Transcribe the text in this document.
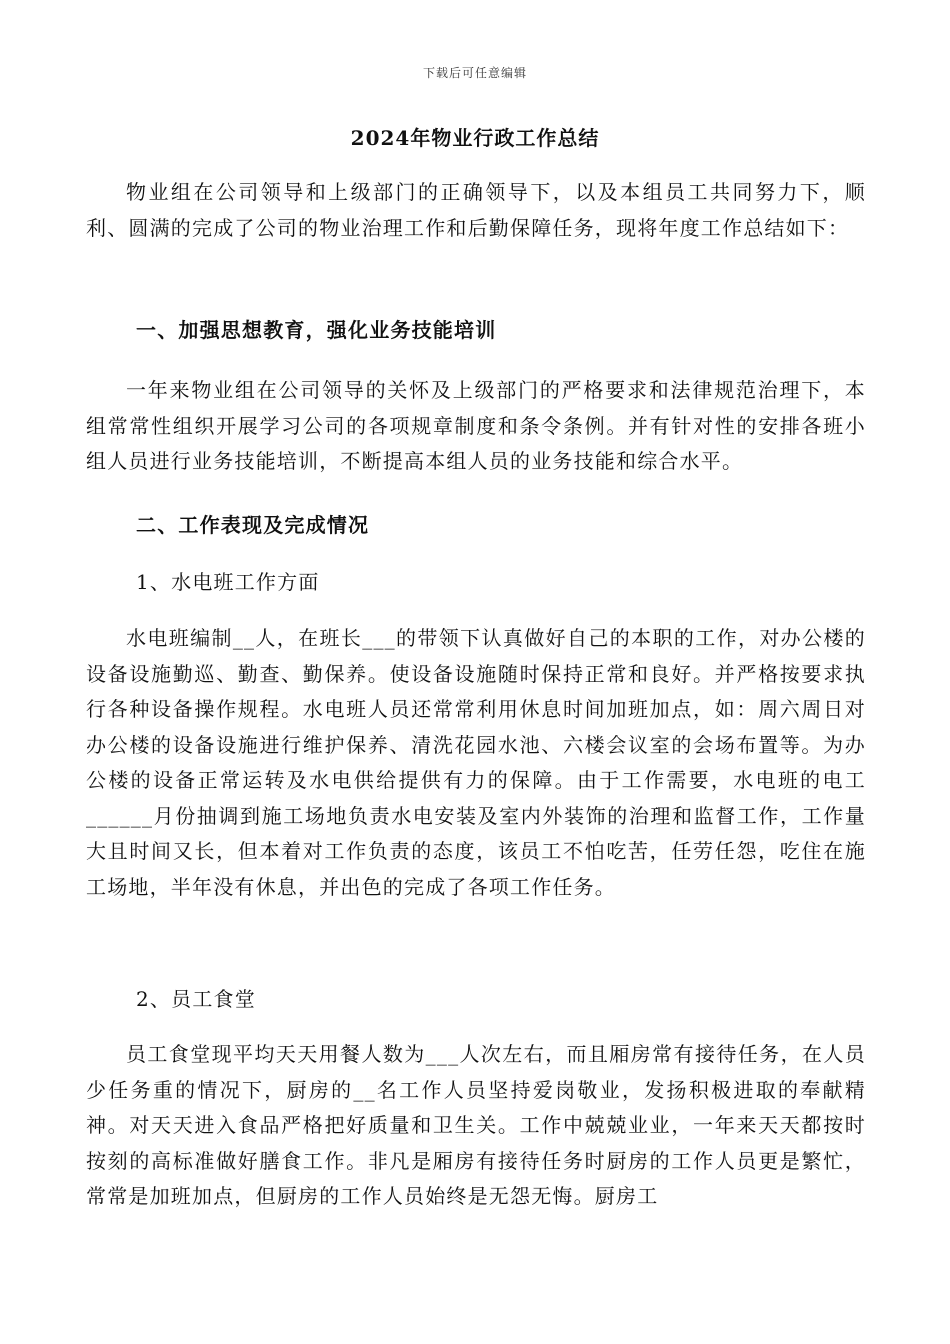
下载后可任意编辑
2024年物业行政工作总结

物业组在公司领导和上级部门的正确领导下，以及本组员工共同努力下，顺利、圆满的完成了公司的物业治理工作和后勤保障任务，现将年度工作总结如下：

一、加强思想教育，强化业务技能培训

一年来物业组在公司领导的关怀及上级部门的严格要求和法律规范治理下，本组常常性组织开展学习公司的各项规章制度和条令条例。并有针对性的安排各班小组人员进行业务技能培训，不断提高本组人员的业务技能和综合水平。

二、工作表现及完成情况

1、水电班工作方面

水电班编制__人，在班长___的带领下认真做好自己的本职的工作，对办公楼的设备设施勤巡、勤查、勤保养。使设备设施随时保持正常和良好。并严格按要求执行各种设备操作规程。水电班人员还常常利用休息时间加班加点，如：周六周日对办公楼的设备设施进行维护保养、清洗花园水池、六楼会议室的会场布置等。为办公楼的设备正常运转及水电供给提供有力的保障。由于工作需要，水电班的电工______月份抽调到施工场地负责水电安装及室内外装饰的治理和监督工作，工作量大且时间又长，但本着对工作负责的态度，该员工不怕吃苦，任劳任怨，吃住在施工场地，半年没有休息，并出色的完成了各项工作任务。

2、员工食堂

员工食堂现平均天天用餐人数为___人次左右，而且厢房常有接待任务，在人员少任务重的情况下，厨房的__名工作人员坚持爱岗敬业，发扬积极进取的奉献精神。对天天进入食品严格把好质量和卫生关。工作中兢兢业业，一年来天天都按时按刻的高标准做好膳食工作。非凡是厢房有接待任务时厨房的工作人员更是繁忙，常常是加班加点，但厨房的工作人员始终是无怨无悔。厨房工
